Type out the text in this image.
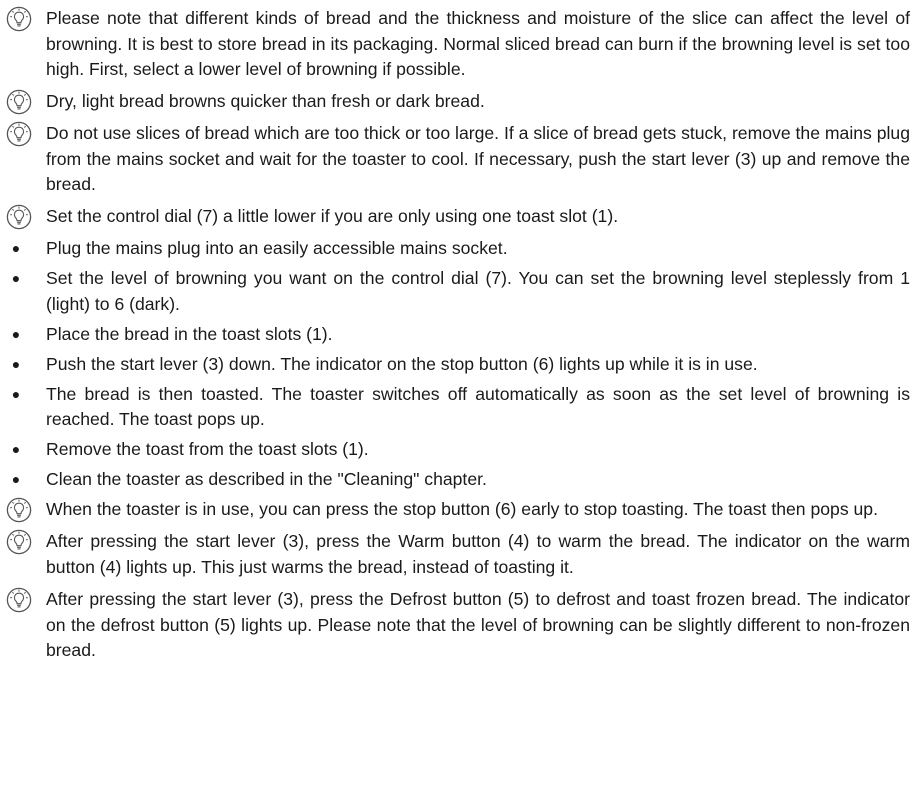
Please note that different kinds of bread and the thickness and moisture of the slice can affect the level of browning. It is best to store bread in its packaging. Normal sliced bread can burn if the browning level is set too high. First, select a lower level of browning if possible.
Dry, light bread browns quicker than fresh or dark bread.
Do not use slices of bread which are too thick or too large. If a slice of bread gets stuck, remove the mains plug from the mains socket and wait for the toaster to cool. If necessary, push the start lever (3) up and remove the bread.
Set the control dial (7) a little lower if you are only using one toast slot (1).
●	Plug the mains plug into an easily accessible mains socket.
●	Set the level of browning you want on the control dial (7). You can set the browning level steplessly from 1 (light) to 6 (dark).
●	Place the bread in the toast slots (1).
●	Push the start lever (3) down. The indicator on the stop button (6) lights up while it is in use.
●	The bread is then toasted. The toaster switches off automatically as soon as the set level of browning is reached. The toast pops up.
●	Remove the toast from the toast slots (1).
●	Clean the toaster as described in the "Cleaning" chapter.
When the toaster is in use, you can press the stop button (6) early to stop toasting. The toast then pops up.
After pressing the start lever (3), press the Warm button (4) to warm the bread. The indicator on the warm button (4) lights up. This just warms the bread, instead of toasting it.
After pressing the start lever (3), press the Defrost button (5) to defrost and toast frozen bread. The indicator on the defrost button (5) lights up. Please note that the level of browning can be slightly different to non-frozen bread.
